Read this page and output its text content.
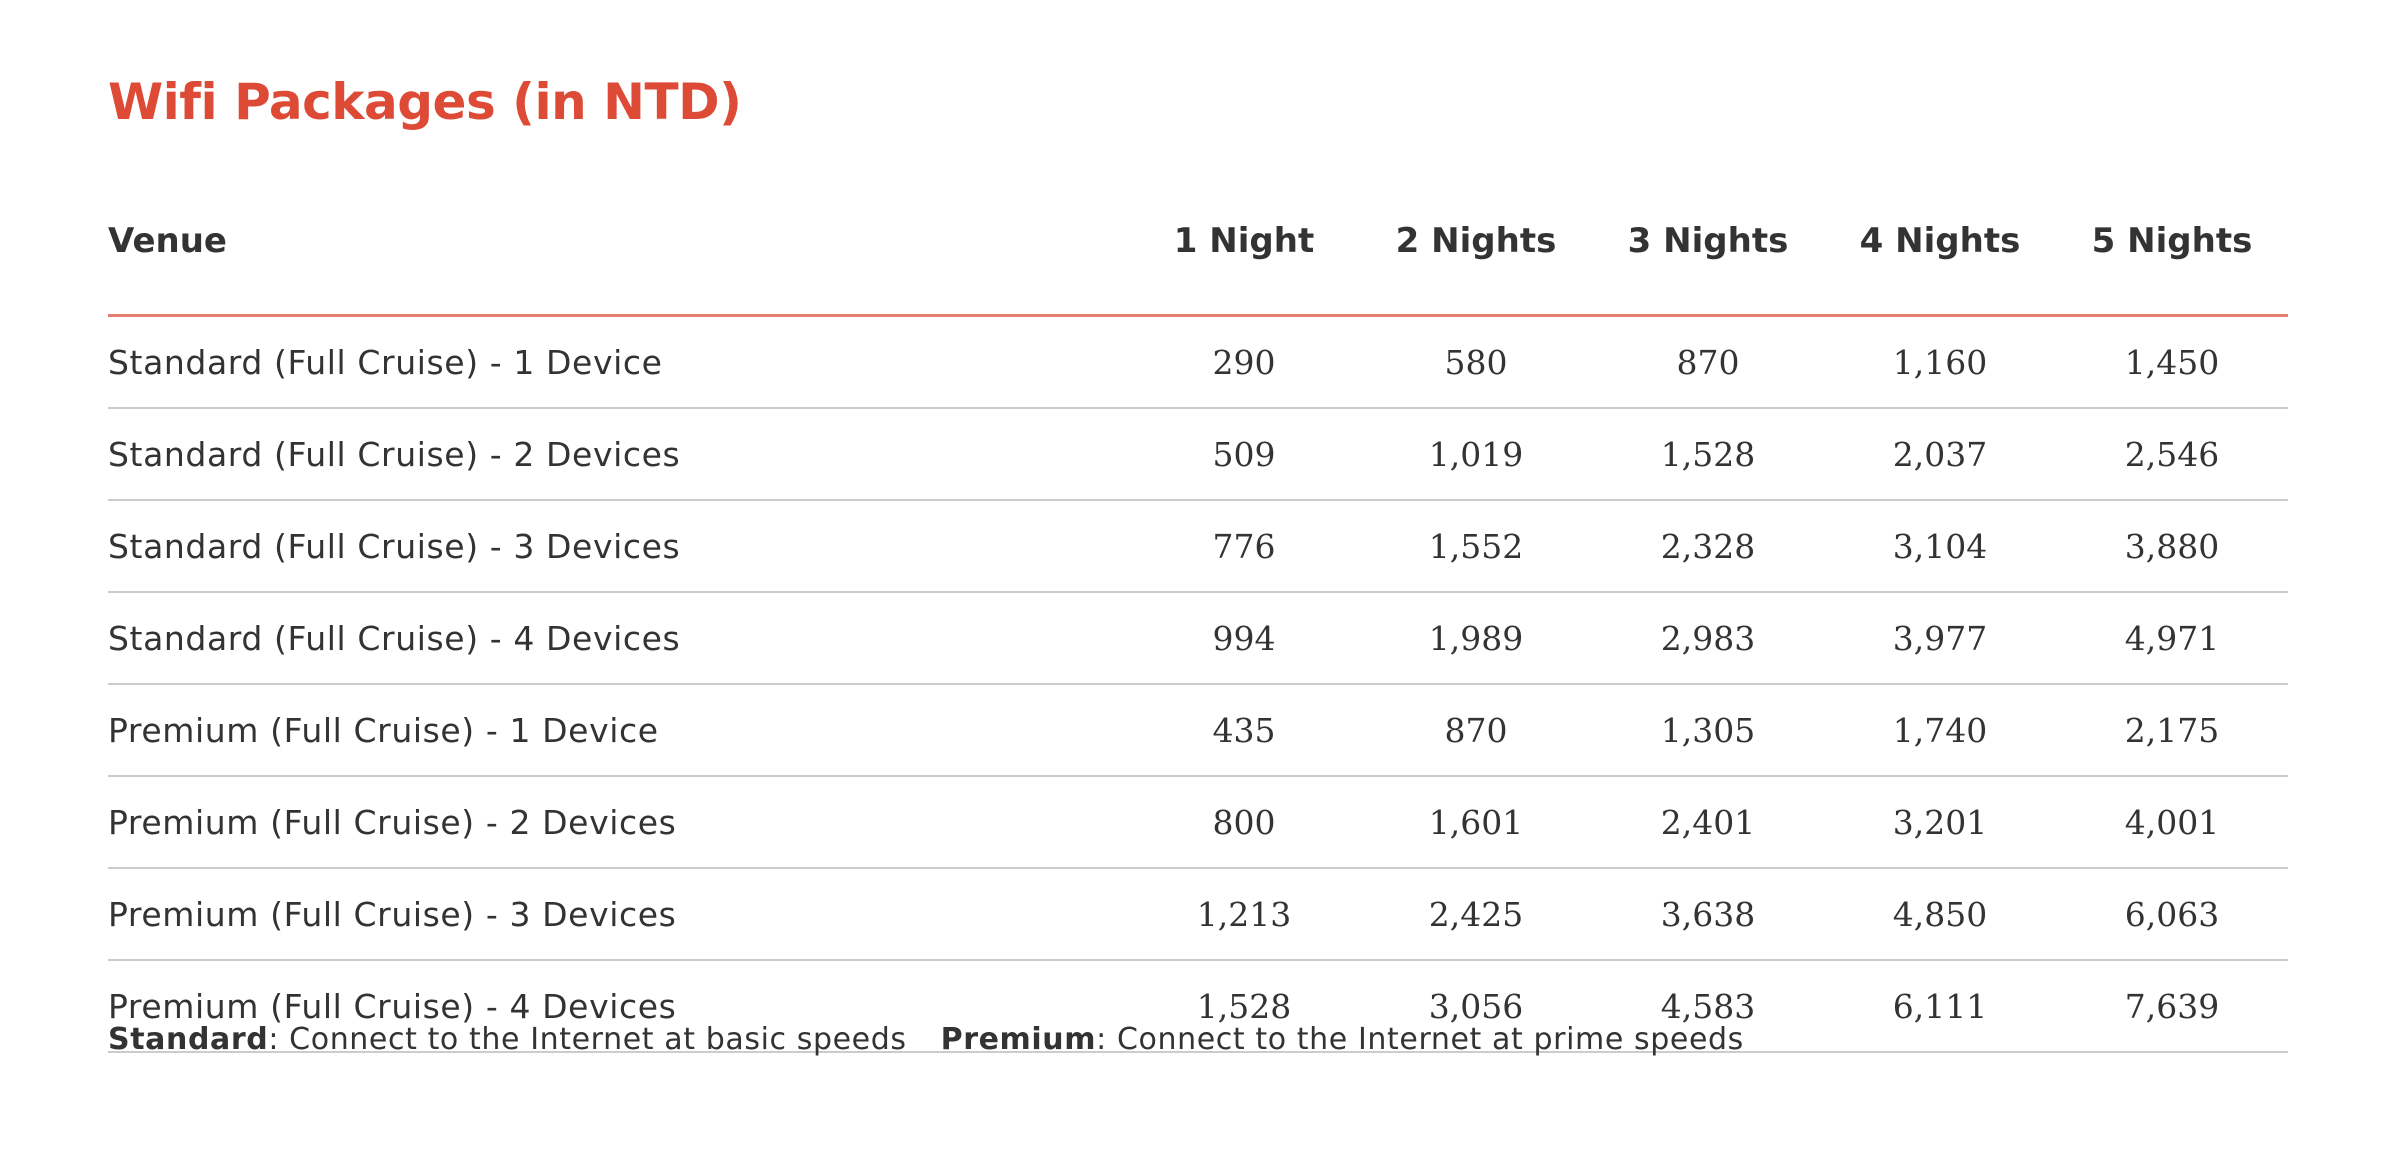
Wifi Packages (in NTD)
Venue	1 Night	2 Nights	3 Nights	4 Nights	5 Nights
Standard (Full Cruise) - 1 Device	290	580	870	1,160	1,450
Standard (Full Cruise) - 2 Devices	509	1,019	1,528	2,037	2,546
Standard (Full Cruise) - 3 Devices	776	1,552	2,328	3,104	3,880
Standard (Full Cruise) - 4 Devices	994	1,989	2,983	3,977	4,971
Premium (Full Cruise) - 1 Device	435	870	1,305	1,740	2,175
Premium (Full Cruise) - 2 Devices	800	1,601	2,401	3,201	4,001
Premium (Full Cruise) - 3 Devices	1,213	2,425	3,638	4,850	6,063
Premium (Full Cruise) - 4 Devices	1,528	3,056	4,583	6,111	7,639
Standard: Connect to the Internet at basic speeds Premium: Connect to the Internet at prime speeds
